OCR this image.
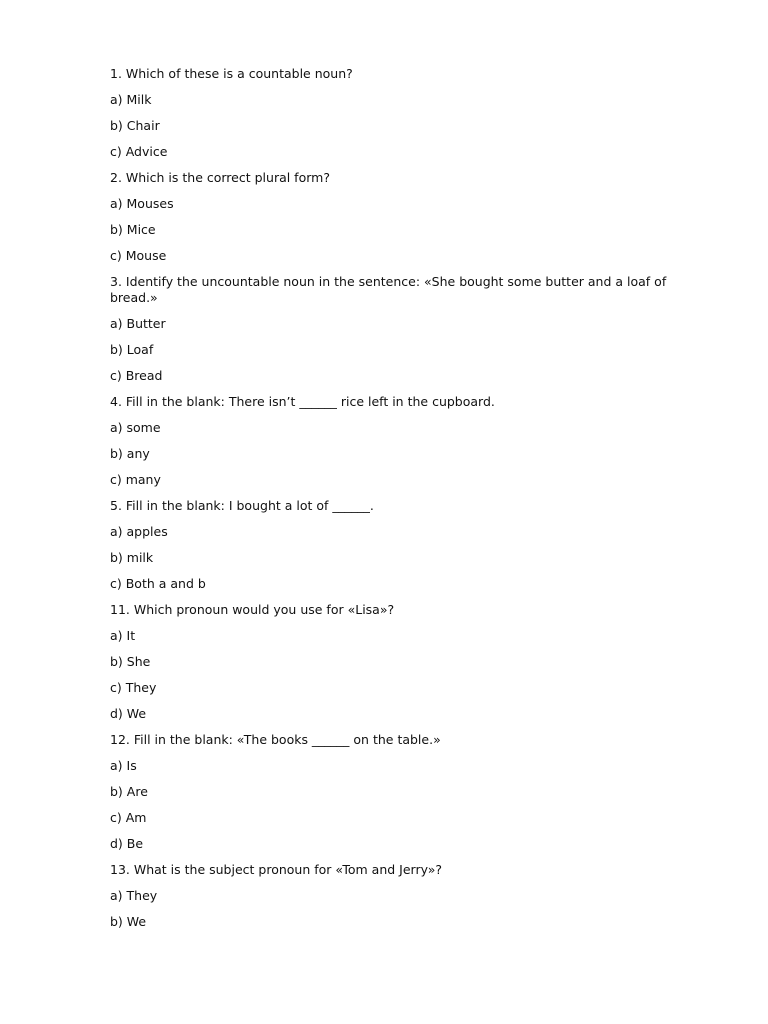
1. Which of these is a countable noun?

a) Milk

b) Chair

c) Advice

2. Which is the correct plural form?

a) Mouses

b) Mice

c) Mouse

3. Identify the uncountable noun in the sentence: «She bought some butter and a loaf of bread.»

a) Butter

b) Loaf

c) Bread

4. Fill in the blank: There isn’t ______ rice left in the cupboard.

a) some

b) any

c) many

5. Fill in the blank: I bought a lot of ______.

a) apples

b) milk

c) Both a and b

11. Which pronoun would you use for «Lisa»?

a) It

b) She

c) They

d) We

12. Fill in the blank: «The books ______ on the table.»

a) Is

b) Are

c) Am

d) Be

13. What is the subject pronoun for «Tom and Jerry»?

a) They

b) We
